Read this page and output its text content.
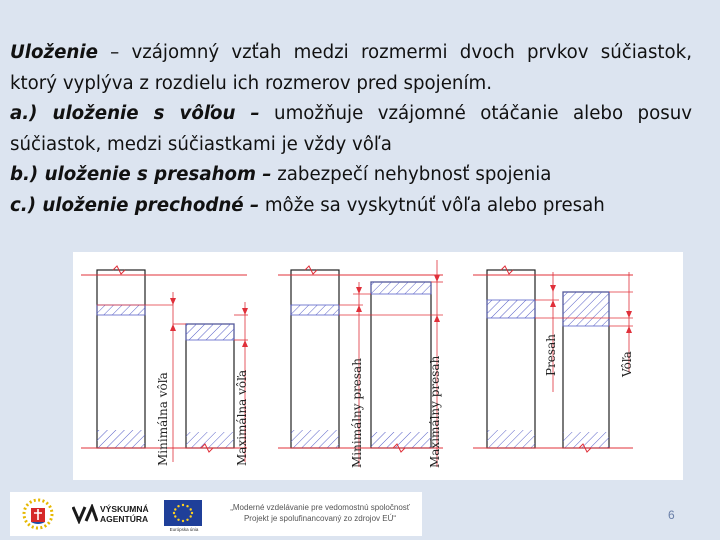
Uloženie – vzájomný vzťah medzi rozmermi dvoch prvkov súčiastok, ktorý vyplýva z rozdielu ich rozmerov pred spojením.

a.) uloženie s vôľou – umožňuje vzájomné otáčanie alebo posuv súčiastok, medzi súčiastkami je vždy vôľa

b.) uloženie s presahom – zabezpečí nehybnosť spojenia

c.) uloženie prechodné – môže sa vyskytnúť vôľa alebo presah

Minimálna vôľa	Maximálna vôľa	Minimálny presah	Maximálny presah
Presah	Vôľa
VÝSKUMNÁ
AGENTÚRA
Európska únia
„Moderné vzdelávanie pre vedomostnú spoločnosť
Projekt je spolufinancovaný zo zdrojov EÚ“	6
